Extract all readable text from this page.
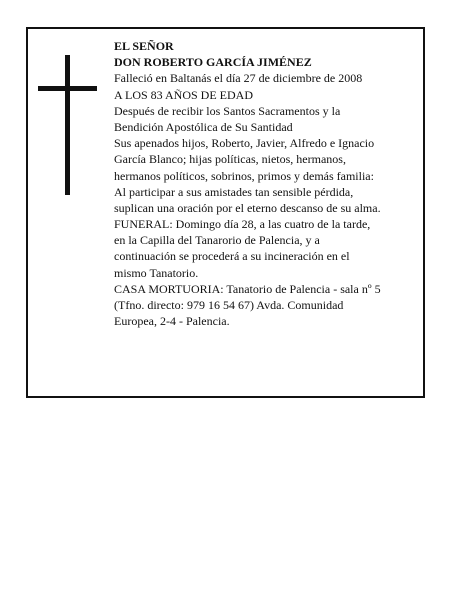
EL SEÑOR
DON ROBERTO GARCÍA JIMÉNEZ
Falleció en Baltanás el día 27 de diciembre de 2008
A LOS 83 AÑOS DE EDAD
Después de recibir los Santos Sacramentos y la
Bendición Apostólica de Su Santidad
Sus apenados hijos, Roberto, Javier, Alfredo e Ignacio
García Blanco; hijas políticas, nietos, hermanos,
hermanos políticos, sobrinos, primos y demás familia:
Al participar a sus amistades tan sensible pérdida,
suplican una oración por el eterno descanso de su alma.
FUNERAL: Domingo día 28, a las cuatro de la tarde,
en la Capilla del Tanarorio de Palencia, y a
continuación se procederá a su incineración en el
mismo Tanatorio.
CASA MORTUORIA: Tanatorio de Palencia - sala nº 5
(Tfno. directo: 979 16 54 67) Avda. Comunidad
Europea, 2-4 - Palencia.
